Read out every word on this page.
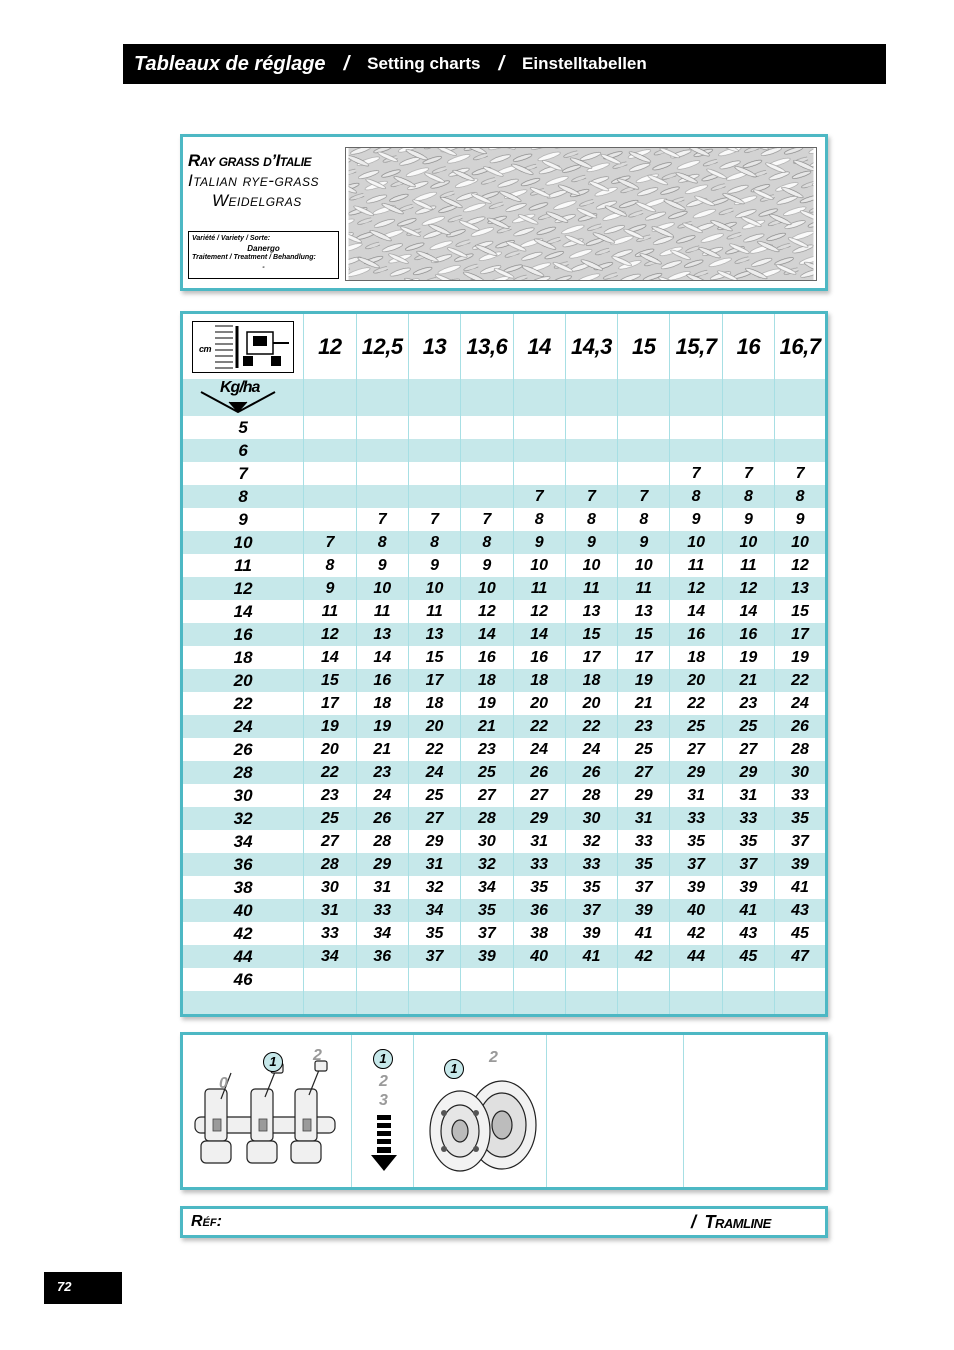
Tableaux de réglage / Setting charts / Einstelltabellen
Ray grass d’Italie
Italian rye-grass
Weidelgras
Variété / Variety / Sorte:
Danergo
Traitement / Treatment / Behandlung:
-
cm	12	12,5	13	13,6	14	14,3	15	15,7	16	16,7

Kg/ha										

5										
6										
7								7	7	7
8					7	7	7	8	8	8
9		7	7	7	8	8	8	9	9	9
10	7	8	8	8	9	9	9	10	10	10
11	8	9	9	9	10	10	10	11	11	12
12	9	10	10	10	11	11	11	12	12	13
14	11	11	11	12	12	13	13	14	14	15
16	12	13	13	14	14	15	15	16	16	17
18	14	14	15	16	16	17	17	18	19	19
20	15	16	17	18	18	18	19	20	21	22
22	17	18	18	19	20	20	21	22	23	24
24	19	19	20	21	22	22	23	25	25	26
26	20	21	22	23	24	24	25	27	27	28
28	22	23	24	25	26	26	27	29	29	30
30	23	24	25	27	27	28	29	31	31	33
32	25	26	27	28	29	30	31	33	33	35
34	27	28	29	30	31	32	33	35	35	37
36	28	29	31	32	33	33	35	37	37	39
38	30	31	32	34	35	35	37	39	39	41
40	31	33	34	35	36	37	39	40	41	43
42	33	34	35	37	38	39	41	42	43	45
44	34	36	37	39	40	41	42	44	45	47
46										

0
1	2	1
2
3
1
2
Réf:	/ Tramline
72
